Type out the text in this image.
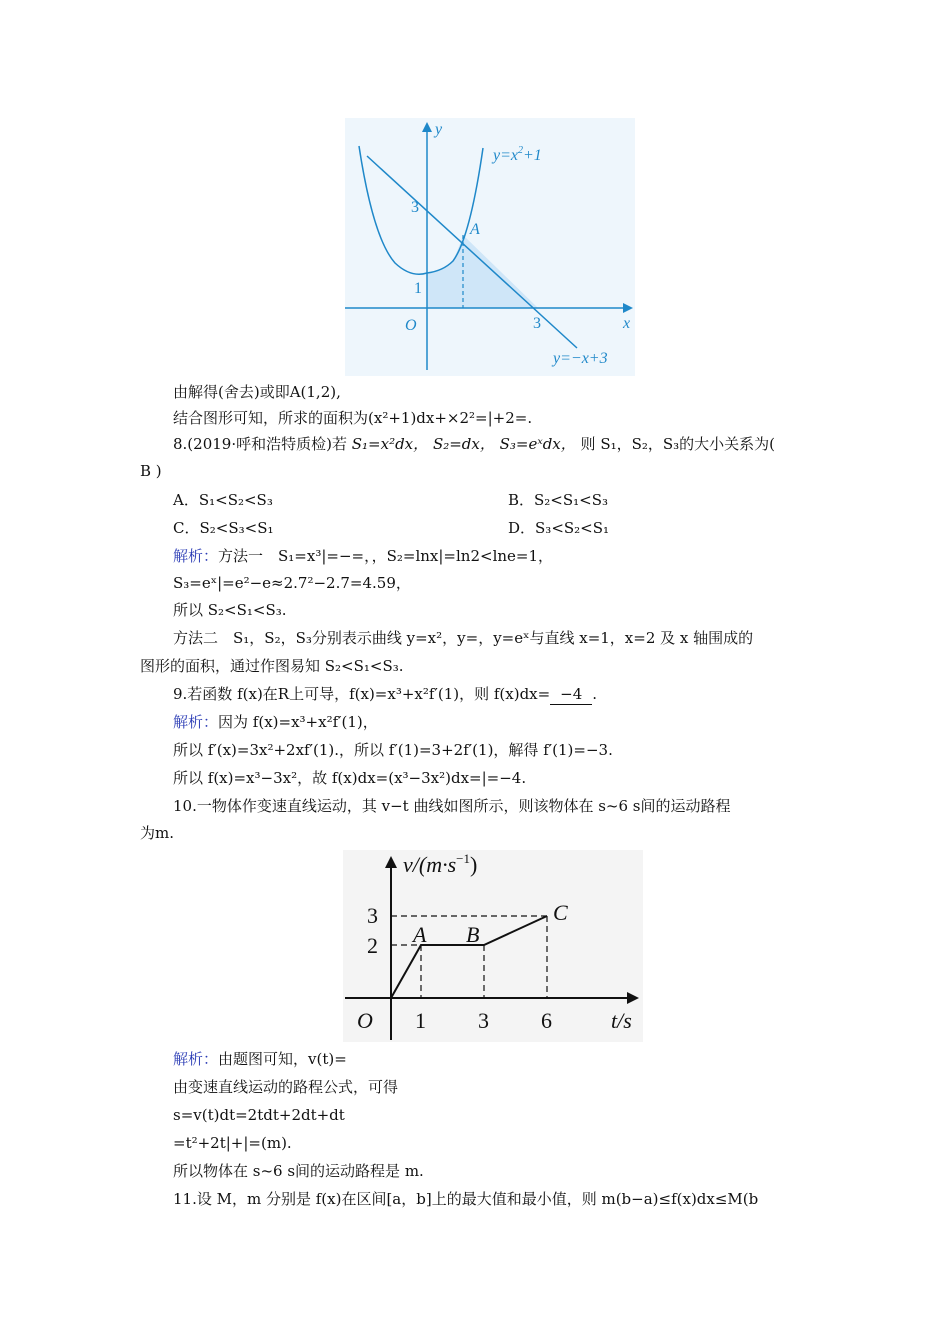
y
x
O
3
1
3
A
$y=x^2+1$
y=−x+3
由解得(舍去)或即A(1,2),
结合图形可知，所求的面积为(x²+1)dx+×2²=|+2=.
8.(2019·呼和浩特质检)若 S₁=x²dx， S₂=dx， S₃=eˣdx， 则 S₁，S₂，S₃的大小关系为(
B )
A．S₁<S₂<S₃	B．S₂<S₁<S₃
C．S₂<S₃<S₁	D．S₃<S₂<S₁
解析：方法一　S₁=x³|=−=，，S₂=lnx|=ln2<lne=1，
S₃=eˣ|=e²−e≈2.7²−2.7=4.59，
所以 S₂<S₁<S₃.
方法二　S₁，S₂，S₃分别表示曲线 y=x²，y=，y=eˣ与直线 x=1，x=2 及 x 轴围成的
图形的面积，通过作图易知 S₂<S₁<S₃.
9.若函数 f(x)在R上可导，f(x)=x³+x²f′(1)，则 f(x)dx= −4 .
解析：因为 f(x)=x³+x²f′(1)，
所以 f′(x)=3x²+2xf′(1).，所以 f′(1)=3+2f′(1)，解得 f′(1)=−3.
所以 f(x)=x³−3x²，故 f(x)dx=(x³−3x²)dx=|=−4.
10.一物体作变速直线运动，其 v−t 曲线如图所示，则该物体在 s~6 s间的运动路程
为m.
$v/(m\cdot s^{-1})$
t/s
O
3
2
1 3 6
A B
C
解析：由题图可知，v(t)=
由变速直线运动的路程公式，可得
s=v(t)dt=2tdt+2dt+dt
=t²+2t|+|=(m).
所以物体在 s~6 s间的运动路程是 m.
11.设 M，m 分别是 f(x)在区间[a，b]上的最大值和最小值，则 m(b−a)≤f(x)dx≤M(b
